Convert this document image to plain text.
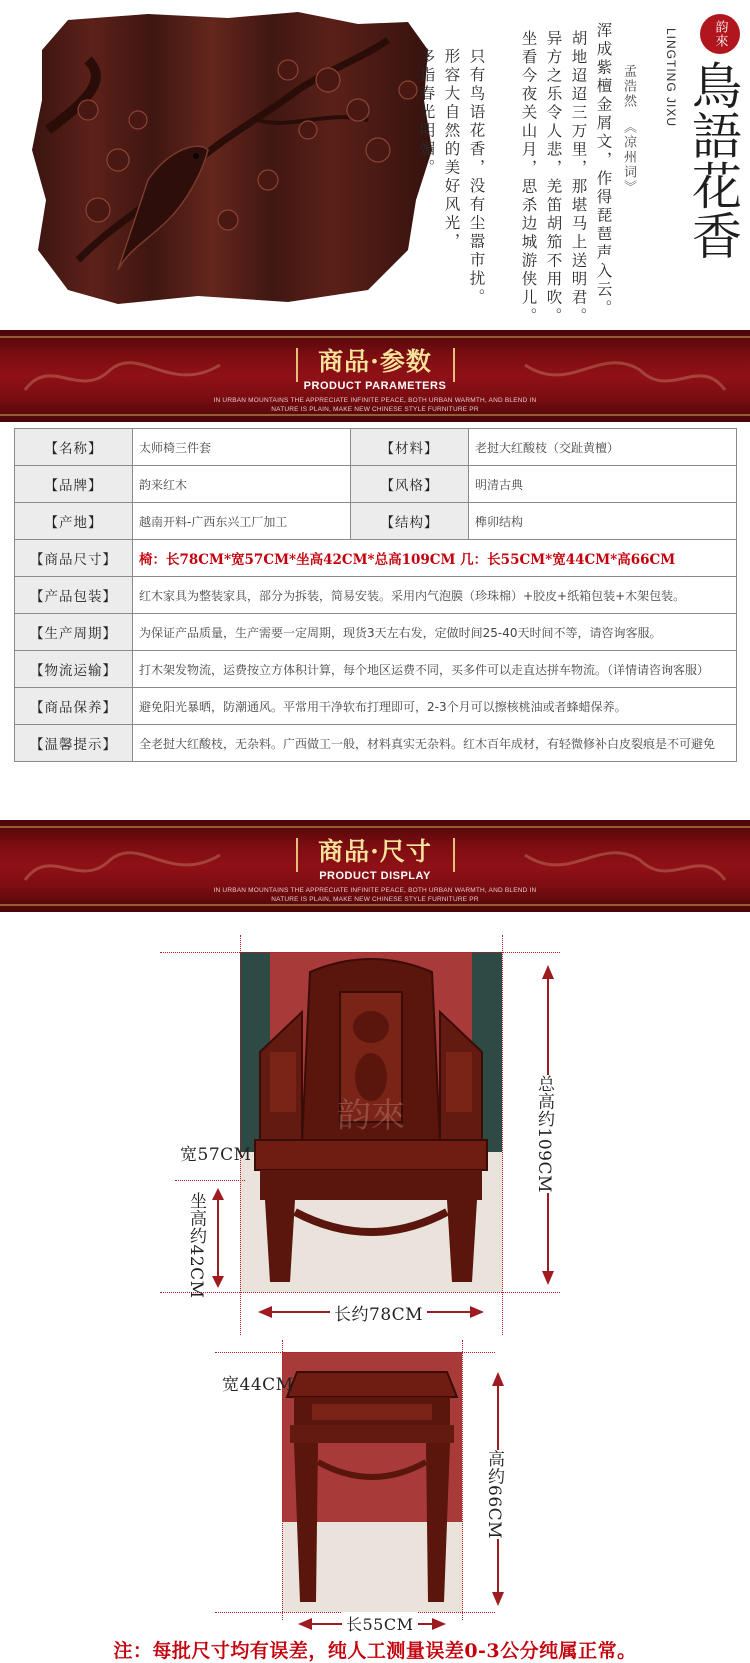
多指春光明媚。 形容大自然的美好风光， 只有鸟语花香，没有尘嚣市扰。 坐看今夜关山月，思杀边城游侠儿。 异方之乐令人悲，羌笛胡笳不用吹。 胡地迢迢三万里，那堪马上送明君。 浑成紫檀金屑文，作得琵琶声入云。 孟浩然
《凉州词》
LINGTING JIXU	韵來
鳥語花香
商品·参数
PRODUCT PARAMETERS
IN URBAN MOUNTAINS THE APPRECIATE INFINITE PEACE, BOTH URBAN WARMTH, AND BLEND IN NATURE IS PLAIN, MAKE NEW CHINESE STYLE FURNITURE PR
【名称】	太师椅三件套	【材料】	老挝大红酸枝（交趾黄檀）
【品牌】	韵来红木	【风格】	明清古典
【产地】	越南开料-广西东兴工厂加工	【结构】	榫卯结构
【商品尺寸】	椅：长78CM*宽57CM*坐高42CM*总高109CM 几：长55CM*宽44CM*高66CM		
【产品包装】	红木家具为整装家具，部分为拆装，简易安装。采用内气泡膜（珍珠棉）+胶皮+纸箱包装+木架包装。		
【生产周期】	为保证产品质量，生产需要一定周期，现货3天左右发，定做时间25-40天时间不等，请咨询客服。		
【物流运输】	打木架发物流，运费按立方体积计算，每个地区运费不同，买多件可以走直达拼车物流。（详情请咨询客服）		
【商品保养】	避免阳光暴晒，防潮通风。平常用干净软布打理即可，2-3个月可以擦核桃油或者蜂蜡保养。		
【温馨提示】	全老挝大红酸枝，无杂料。广西做工一般，材料真实无杂料。红木百年成材，有轻微修补白皮裂痕是不可避免		
商品·尺寸
PRODUCT DISPLAY
IN URBAN MOUNTAINS THE APPRECIATE INFINITE PEACE, BOTH URBAN WARMTH, AND BLEND IN NATURE IS PLAIN, MAKE NEW CHINESE STYLE FURNITURE PR
韵來	总高约109CM
宽57CM
坐高约42CM
长约78CM
宽44CM
高约66CM
长55CM
注：每批尺寸均有误差，纯人工测量误差0-3公分纯属正常。
